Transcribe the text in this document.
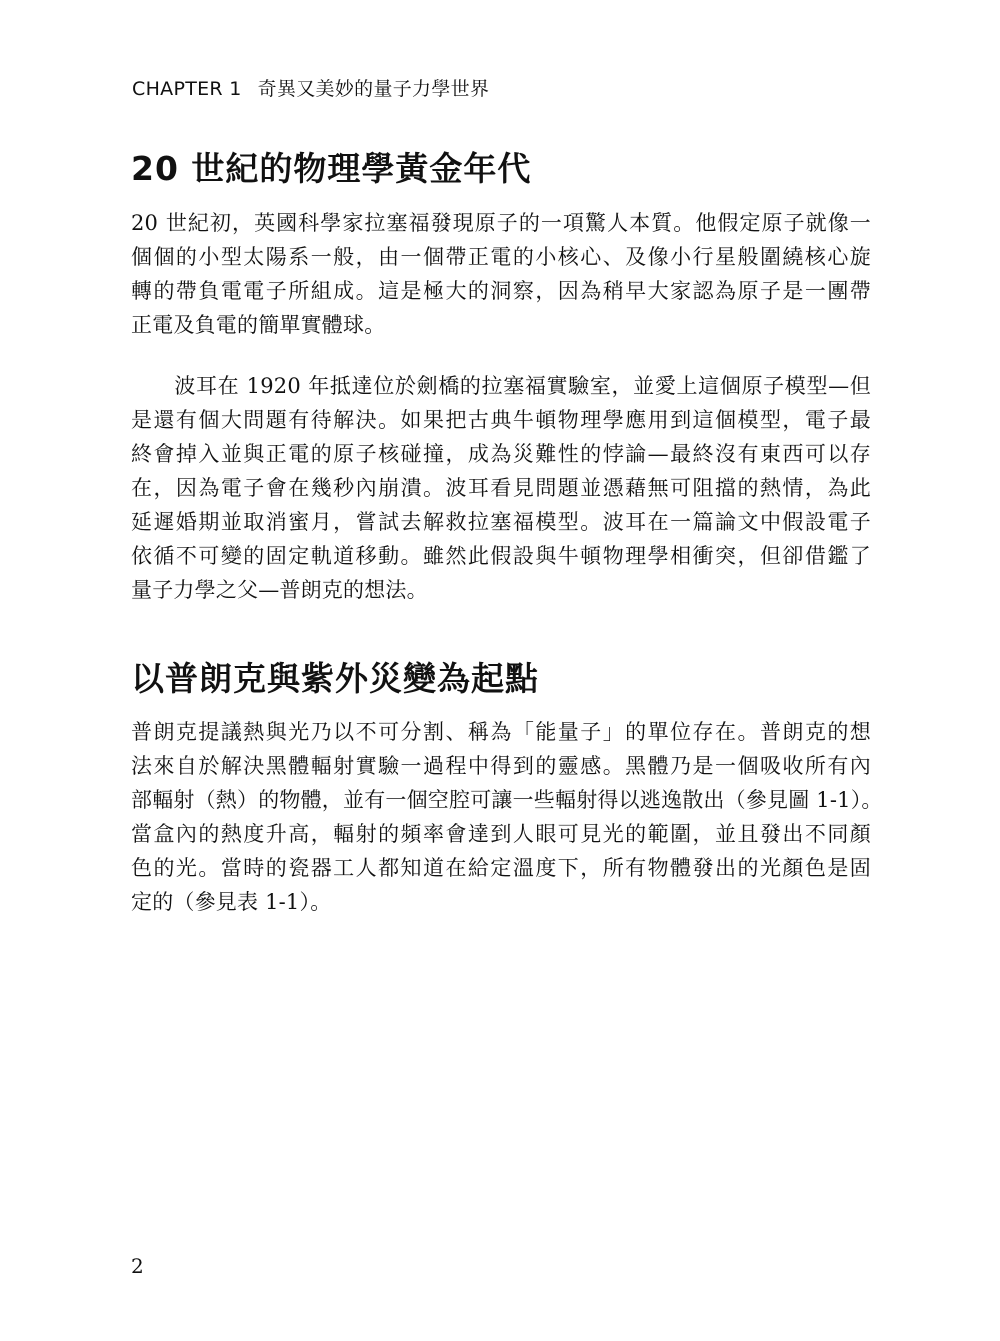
CHAPTER 1 奇異又美妙的量子力學世界
20 世紀的物理學黃金年代
20 世紀初，英國科學家拉塞福發現原子的一項驚人本質。他假定原子就像一
個個的小型太陽系一般，由一個帶正電的小核心、及像小行星般圍繞核心旋
轉的帶負電電子所組成。這是極大的洞察，因為稍早大家認為原子是一團帶
正電及負電的簡單實體球。
　　波耳在 1920 年抵達位於劍橋的拉塞福實驗室，並愛上這個原子模型—但
是還有個大問題有待解決。如果把古典牛頓物理學應用到這個模型，電子最
終會掉入並與正電的原子核碰撞，成為災難性的悖論—最終沒有東西可以存
在，因為電子會在幾秒內崩潰。波耳看見問題並憑藉無可阻擋的熱情，為此
延遲婚期並取消蜜月，嘗試去解救拉塞福模型。波耳在一篇論文中假設電子
依循不可變的固定軌道移動。雖然此假設與牛頓物理學相衝突，但卻借鑑了
量子力學之父—普朗克的想法。
以普朗克與紫外災變為起點
普朗克提議熱與光乃以不可分割、稱為「能量子」的單位存在。普朗克的想
法來自於解決黑體輻射實驗一過程中得到的靈感。黑體乃是一個吸收所有內
部輻射（熱）的物體，並有一個空腔可讓一些輻射得以逃逸散出（參見圖 1-1）。
當盒內的熱度升高，輻射的頻率會達到人眼可見光的範圍，並且發出不同顏
色的光。當時的瓷器工人都知道在給定溫度下，所有物體發出的光顏色是固
定的（參見表 1-1）。
2
